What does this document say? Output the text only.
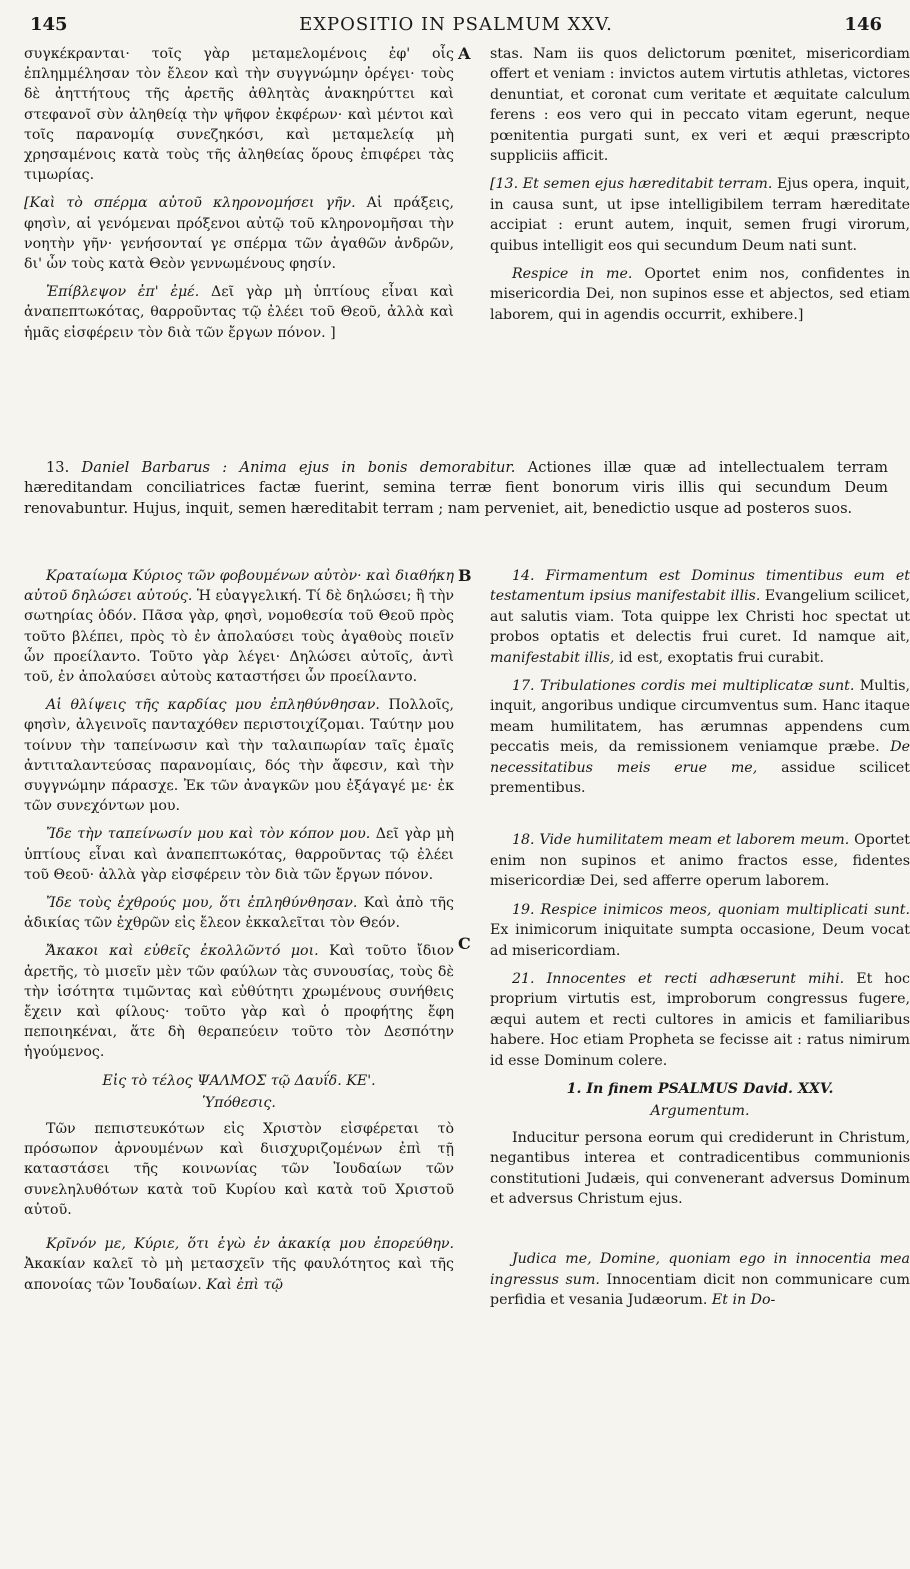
145	EXPOSITIO IN PSALMUM XXV.	146
A

συγκέκρανται· τοῖς γὰρ μεταμελομένοις ἐφ' οἷς ἐπλημμέλησαν τὸν ἔλεον καὶ τὴν συγγνώμην ὀρέγει· τοὺς δὲ ἀηττήτους τῆς ἀρετῆς ἀθλητὰς ἀνακηρύττει καὶ στεφανοῖ σὺν ἀληθείᾳ τὴν ψῆφον ἐκφέρων· καὶ μέντοι καὶ τοῖς παρανομίᾳ συνεζηκόσι, καὶ μεταμελείᾳ μὴ χρησαμένοις κατὰ τοὺς τῆς ἀληθείας ὅρους ἐπιφέρει τὰς τιμωρίας.

[Καὶ τὸ σπέρμα αὐτοῦ κληρονομήσει γῆν. Αἱ πράξεις, φησὶν, αἱ γενόμεναι πρόξενοι αὐτῷ τοῦ κληρονομῆσαι τὴν νοητὴν γῆν· γενήσονταί γε σπέρμα τῶν ἀγαθῶν ἀνδρῶν, δι' ὧν τοὺς κατὰ Θεὸν γεννωμένους φησίν.

Ἐπίβλεψον ἐπ' ἐμέ. Δεῖ γὰρ μὴ ὑπτίους εἶναι καὶ ἀναπεπτωκότας, θαρροῦντας τῷ ἐλέει τοῦ Θεοῦ, ἀλλὰ καὶ ἡμᾶς εἰσφέρειν τὸν διὰ τῶν ἔργων πόνον. ]

stas. Nam iis quos delictorum pœnitet, misericordiam offert et veniam : invictos autem virtutis athletas, victores denuntiat, et coronat cum veritate et æquitate calculum ferens : eos vero qui in peccato vitam egerunt, neque pœnitentia purgati sunt, ex veri et æqui præscripto suppliciis afficit.

[13. Et semen ejus hæreditabit terram. Ejus opera, inquit, in causa sunt, ut ipse intelligibilem terram hæreditate accipiat : erunt autem, inquit, semen frugi virorum, quibus intelligit eos qui secundum Deum nati sunt.

Respice in me. Oportet enim nos, confidentes in misericordia Dei, non supinos esse et abjectos, sed etiam laborem, qui in agendis occurrit, exhibere.]

13. Daniel Barbarus : Anima ejus in bonis demorabitur. Actiones illæ quæ ad intellectualem terram hæreditandam conciliatrices factæ fuerint, semina terræ fient bonorum viris illis qui secundum Deum renovabuntur. Hujus, inquit, semen hæreditabit terram ; nam perveniet, ait, benedictio usque ad posteros suos.

B
C

Κραταίωμα Κύριος τῶν φοβουμένων αὐτὸν· καὶ διαθήκη αὐτοῦ δηλώσει αὐτούς. Ἡ εὐαγγελική. Τί δὲ δηλώσει; ἢ τὴν σωτηρίας ὁδόν. Πᾶσα γὰρ, φησὶ, νομοθεσία τοῦ Θεοῦ πρὸς τοῦτο βλέπει, πρὸς τὸ ἐν ἀπολαύσει τοὺς ἀγαθοὺς ποιεῖν ὧν προείλαντο. Τοῦτο γὰρ λέγει· Δηλώσει αὐτοῖς, ἀντὶ τοῦ, ἐν ἀπολαύσει αὐτοὺς καταστήσει ὧν προείλαντο.

Αἱ θλίψεις τῆς καρδίας μου ἐπληθύνθησαν. Πολλοῖς, φησὶν, ἀλγεινοῖς πανταχόθεν περιστοιχίζομαι. Ταύτην μου τοίνυν τὴν ταπείνωσιν καὶ τὴν ταλαιπωρίαν ταῖς ἐμαῖς ἀντιταλαντεύσας παρανομίαις, δός τὴν ἄφεσιν, καὶ τὴν συγγνώμην πάρασχε. Ἐκ τῶν ἀναγκῶν μου ἐξάγαγέ με· ἐκ τῶν συνεχόντων μου.

Ἴδε τὴν ταπείνωσίν μου καὶ τὸν κόπον μου. Δεῖ γὰρ μὴ ὑπτίους εἶναι καὶ ἀναπεπτωκότας, θαρροῦντας τῷ ἐλέει τοῦ Θεοῦ· ἀλλὰ γὰρ εἰσφέρειν τὸν διὰ τῶν ἔργων πόνον.

Ἴδε τοὺς ἐχθρούς μου, ὅτι ἐπληθύνθησαν. Καὶ ἀπὸ τῆς ἀδικίας τῶν ἐχθρῶν εἰς ἔλεον ἐκκαλεῖται τὸν Θεόν.

Ἄκακοι καὶ εὐθεῖς ἐκολλῶντό μοι. Καὶ τοῦτο ἴδιον ἀρετῆς, τὸ μισεῖν μὲν τῶν φαύλων τὰς συνουσίας, τοὺς δὲ τὴν ἰσότητα τιμῶντας καὶ εὐθύτητι χρωμένους συνήθεις ἔχειν καὶ φίλους· τοῦτο γὰρ καὶ ὁ προφήτης ἔφη πεποιηκέναι, ἅτε δὴ θεραπεύειν τοῦτο τὸν Δεσπότην ἡγούμενος.

Εἰς τὸ τέλος ΨΑΛΜΟΣ τῷ Δαυΐδ. ΚΕ'.

Ὑπόθεσις.

Τῶν πεπιστευκότων εἰς Χριστὸν εἰσφέρεται τὸ πρόσωπον ἀρνουμένων καὶ διισχυριζομένων ἐπὶ τῇ καταστάσει τῆς κοινωνίας τῶν Ἰουδαίων τῶν συνεληλυθότων κατὰ τοῦ Κυρίου καὶ κατὰ τοῦ Χριστοῦ αὐτοῦ.

Κρῖνόν με, Κύριε, ὅτι ἐγὼ ἐν ἀκακίᾳ μου ἐπορεύθην. Ἀκακίαν καλεῖ τὸ μὴ μετασχεῖν τῆς φαυλότητος καὶ τῆς απονοίας τῶν Ἰουδαίων. Καὶ ἐπὶ τῷ

14. Firmamentum est Dominus timentibus eum et testamentum ipsius manifestabit illis. Evangelium scilicet, aut salutis viam. Tota quippe lex Christi hoc spectat ut probos optatis et delectis frui curet. Id namque ait, manifestabit illis, id est, exoptatis frui curabit.

17. Tribulationes cordis mei multiplicatæ sunt. Multis, inquit, angoribus undique circumventus sum. Hanc itaque meam humilitatem, has ærumnas appendens cum peccatis meis, da remissionem veniamque præbe. De necessitatibus meis erue me, assidue scilicet prementibus.

18. Vide humilitatem meam et laborem meum. Oportet enim non supinos et animo fractos esse, fidentes misericordiæ Dei, sed afferre operum laborem.

19. Respice inimicos meos, quoniam multiplicati sunt. Ex inimicorum iniquitate sumpta occasione, Deum vocat ad misericordiam.

21. Innocentes et recti adhæserunt mihi. Et hoc proprium virtutis est, improborum congressus fugere, æqui autem et recti cultores in amicis et familiaribus habere. Hoc etiam Propheta se fecisse ait : ratus nimirum id esse Dominum colere.

1. In finem PSALMUS David. XXV.

Argumentum.

Inducitur persona eorum qui crediderunt in Christum, negantibus interea et contradicentibus communionis constitutioni Judæis, qui convenerant adversus Dominum et adversus Christum ejus.

Judica me, Domine, quoniam ego in innocentia mea ingressus sum. Innocentiam dicit non communicare cum perfidia et vesania Judæorum. Et in Do-
